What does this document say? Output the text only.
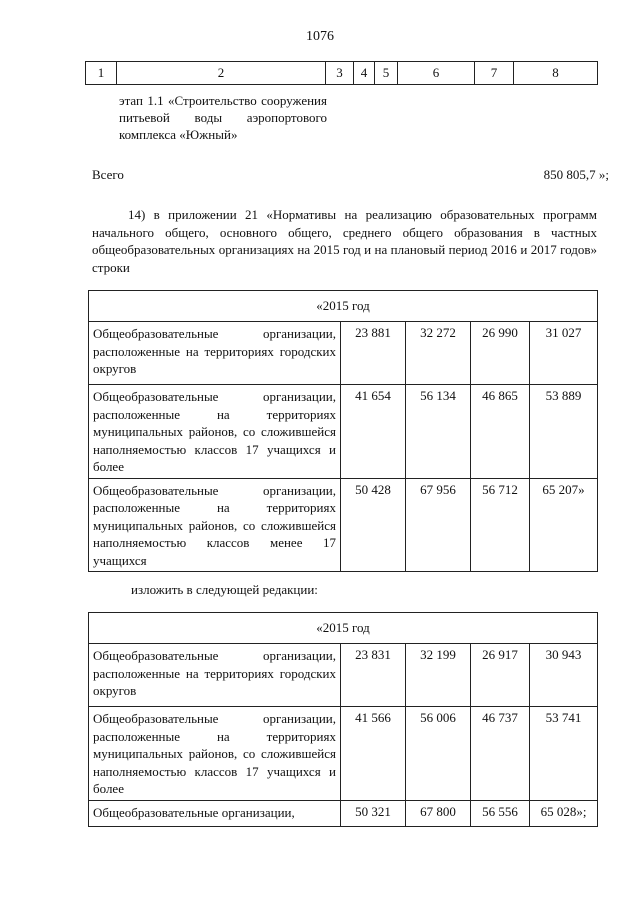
1076
1	2	3	4	5	6	7	8
этап 1.1 «Строительство сооружения питьевой воды аэропортового комплекса «Южный»
Всего	850 805,7 »;
14) в приложении 21 «Нормативы на реализацию образовательных программ начального общего, основного общего, среднего общего образования в частных общеобразовательных организациях на 2015 год и на плановый период 2016 и 2017 годов» строки
«2015 год				
Общеобразовательные организации, расположенные на территориях городских округов	23 881	32 272	26 990	31 027
Общеобразовательные организации, расположенные на территориях муниципальных районов, со сложившейся наполняемостью классов 17 учащихся и более	41 654	56 134	46 865	53 889
Общеобразовательные организации, расположенные на территориях муниципальных районов, со сложившейся наполняемостью классов менее 17 учащихся	50 428	67 956	56 712	65 207»
изложить в следующей редакции:
«2015 год				
Общеобразовательные организации, расположенные на территориях городских округов	23 831	32 199	26 917	30 943
Общеобразовательные организации, расположенные на территориях муниципальных районов, со сложившейся наполняемостью классов 17 учащихся и более	41 566	56 006	46 737	53 741
Общеобразовательные организации,	50 321	67 800	56 556	65 028»;
